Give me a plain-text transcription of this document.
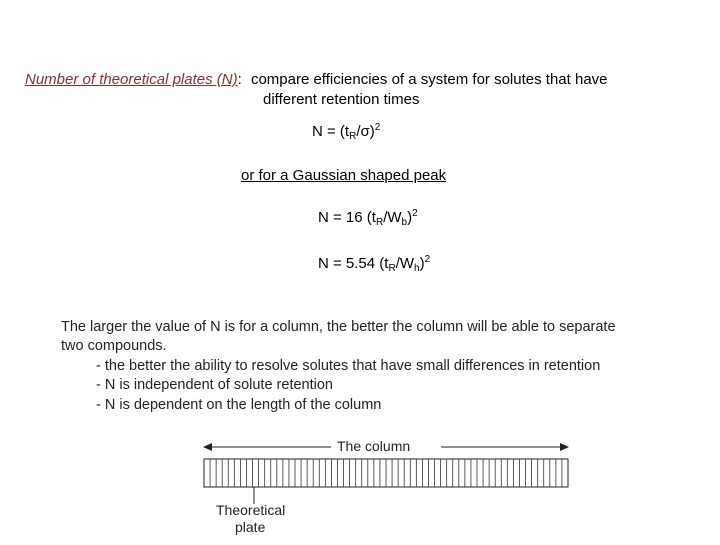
Number of theoretical plates (N): compare efficiencies of a system for solutes that have
different retention times
$N = (t_R/\sigma)^2$
or for a Gaussian shaped peak
N = 16 $(t_R/W_b)^2$
N = 5.54 $(t_R/W_h)^2$
The larger the value of N is for a column, the better the column will be able to separate
two compounds.
- the better the ability to resolve solutes that have small differences in retention
- N is independent of solute retention
- N is dependent on the length of the column
The column
Theoretical
plate
